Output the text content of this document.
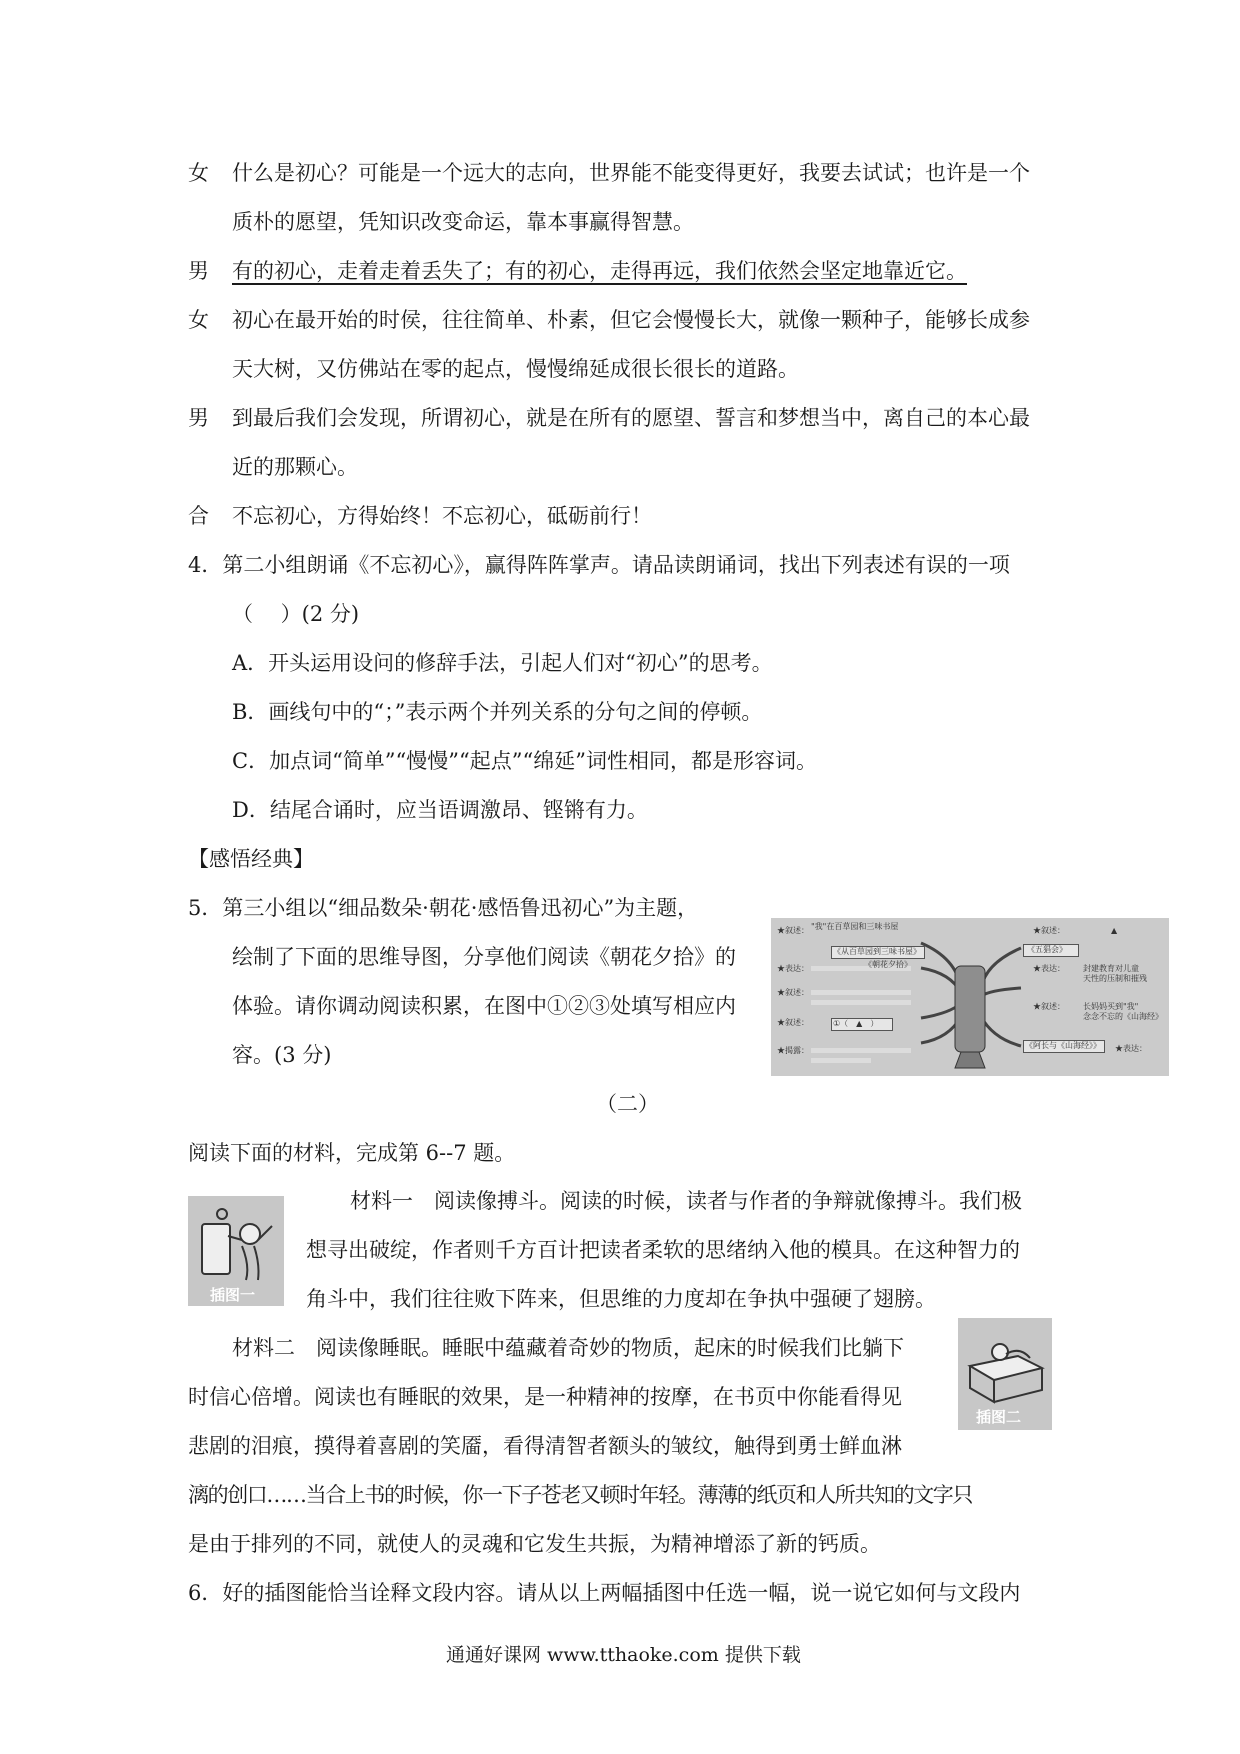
女	什么是初心？可能是一个远大的志向，世界能不能变得更好，我要去试试；也许是一个
质朴的愿望，凭知识改变命运，靠本事赢得智慧。
男	有的初心，走着走着丢失了；有的初心，走得再远，我们依然会坚定地靠近它。
女	初心在最开始的时侯，往往简单、朴素，但它会慢慢长大，就像一颗种子，能够长成参
天大树，又仿佛站在零的起点，慢慢绵延成很长很长的道路。
男	到最后我们会发现，所谓初心，就是在所有的愿望、誓言和梦想当中，离自己的本心最
近的那颗心。
合	不忘初心，方得始终！不忘初心，砥砺前行！
4．第二小组朗诵《不忘初心》，赢得阵阵掌声。请品读朗诵词，找出下列表述有误的一项
（　 ）(2 分)
A．开头运用设问的修辞手法，引起人们对“初心”的思考。
B．画线句中的“；”表示两个并列关系的分句之间的停顿。
C．加点词“简单”“慢慢”“起点”“绵延”词性相同，都是形容词。
D．结尾合诵时，应当语调激昂、铿锵有力。
【感悟经典】
5．第三小组以“细品数朵·朝花·感悟鲁迅初心”为主题，
绘制了下面的思维导图，分享他们阅读《朝花夕拾》的
体验。请你调动阅读积累，在图中①②③处填写相应内
容。(3 分)
★叙述：
★表达：
★叙述：
★揭露：
★叙述：
"我"在百草园和三味书屋
《从百草园到三味书屋》
①（　▲　）
《朝花夕拾》
★叙述：	▲
《五猖会》
★表达： 封建教育对儿童
天性的压制和摧残
★叙述： 长妈妈买到"我"
念念不忘的《山海经》
《阿长与《山海经》》 ★表达：
（二）
阅读下面的材料，完成第 6--7 题。
插图一
材料一　阅读像搏斗。阅读的时候，读者与作者的争辩就像搏斗。我们极
想寻出破绽，作者则千方百计把读者柔软的思绪纳入他的模具。在这种智力的
角斗中，我们往往败下阵来，但思维的力度却在争执中强硬了翅膀。
插图二
材料二　阅读像睡眠。睡眠中蕴藏着奇妙的物质，起床的时候我们比躺下
时信心倍增。阅读也有睡眠的效果，是一种精神的按摩，在书页中你能看得见
悲剧的泪痕，摸得着喜剧的笑靥，看得清智者额头的皱纹，触得到勇士鲜血淋
漓的创口……当合上书的时候，你一下子苍老又顿时年轻。薄薄的纸页和人所共知的文字只
是由于排列的不同，就使人的灵魂和它发生共振，为精神增添了新的钙质。
6．好的插图能恰当诠释文段内容。请从以上两幅插图中任选一幅，说一说它如何与文段内
通通好课网 www.tthaoke.com 提供下载
